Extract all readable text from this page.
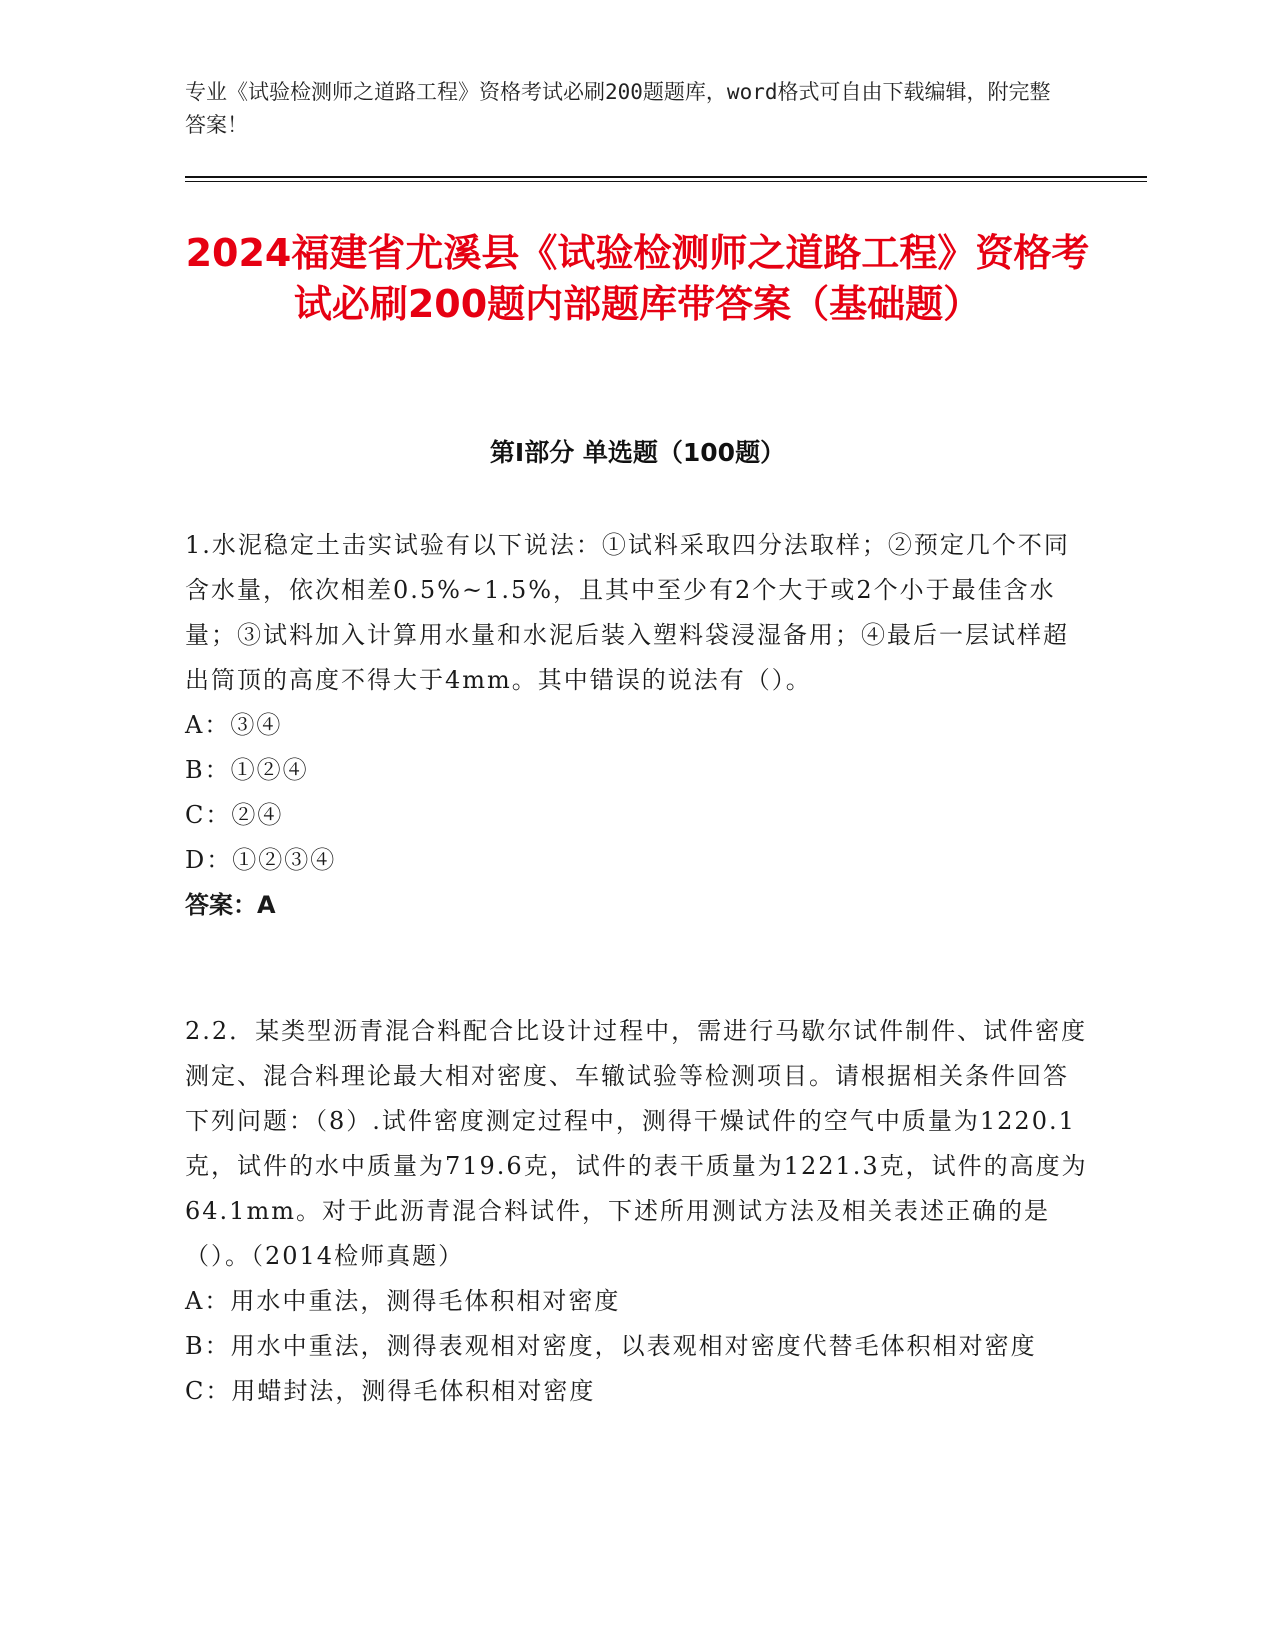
专业《试验检测师之道路工程》资格考试必刷200题题库，word格式可自由下载编辑，附完整答案！
2024福建省尤溪县《试验检测师之道路工程》资格考试必刷200题内部题库带答案（基础题）
第Ⅰ部分 单选题（100题）

1.水泥稳定土击实试验有以下说法：①试料采取四分法取样；②预定几个不同含水量，依次相差0.5%~1.5%，且其中至少有2个大于或2个小于最佳含水量；③试料加入计算用水量和水泥后装入塑料袋浸湿备用；④最后一层试样超出筒顶的高度不得大于4mm。其中错误的说法有（）。

A：③④

B：①②④

C：②④

D：①②③④

答案：A

2.2．某类型沥青混合料配合比设计过程中，需进行马歇尔试件制件、试件密度测定、混合料理论最大相对密度、车辙试验等检测项目。请根据相关条件回答下列问题：（8）.试件密度测定过程中，测得干燥试件的空气中质量为1220.1克，试件的水中质量为719.6克，试件的表干质量为1221.3克，试件的高度为64.1mm。对于此沥青混合料试件，下述所用测试方法及相关表述正确的是（）。（2014检师真题）

A：用水中重法，测得毛体积相对密度

B：用水中重法，测得表观相对密度，以表观相对密度代替毛体积相对密度

C：用蜡封法，测得毛体积相对密度
